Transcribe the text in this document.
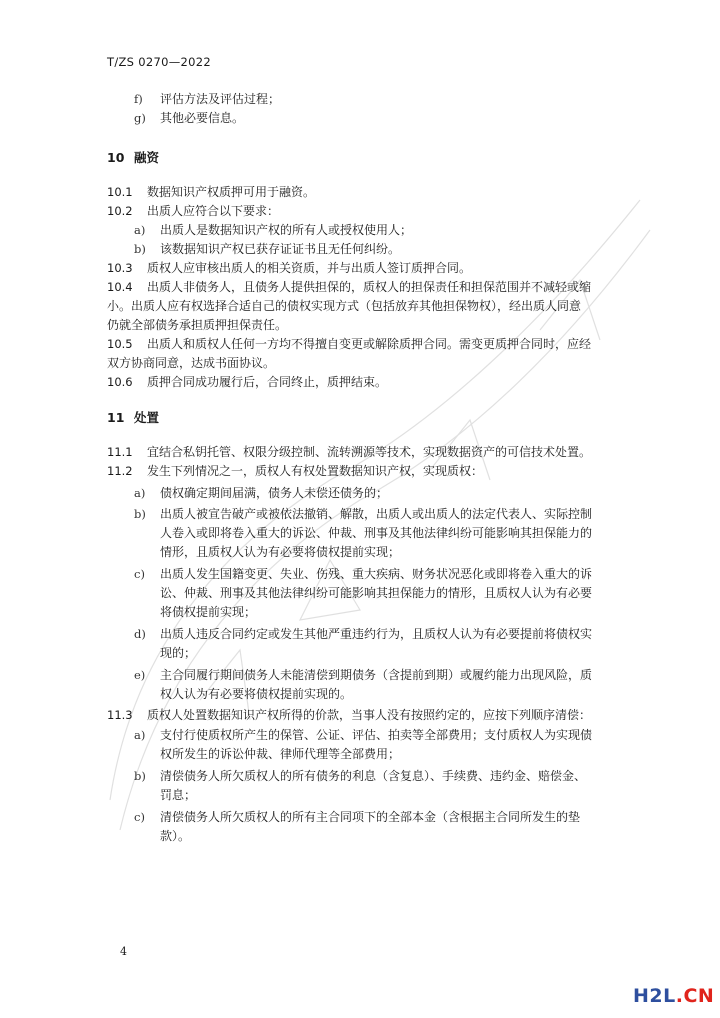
T/ZS 0270—2022
f) 评估方法及评估过程；
g) 其他必要信息。
10 融资
10.1 数据知识产权质押可用于融资。
10.2 出质人应符合以下要求：
a) 出质人是数据知识产权的所有人或授权使用人；
b) 该数据知识产权已获存证证书且无任何纠纷。
10.3 质权人应审核出质人的相关资质，并与出质人签订质押合同。
10.4 出质人非债务人，且债务人提供担保的，质权人的担保责任和担保范围并不减轻或缩
小。出质人应有权选择合适自己的债权实现方式（包括放弃其他担保物权），经出质人同意
仍就全部债务承担质押担保责任。
10.5 出质人和质权人任何一方均不得擅自变更或解除质押合同。需变更质押合同时，应经
双方协商同意，达成书面协议。
10.6 质押合同成功履行后，合同终止，质押结束。
11 处置
11.1 宜结合私钥托管、权限分级控制、流转溯源等技术，实现数据资产的可信技术处置。
11.2 发生下列情况之一，质权人有权处置数据知识产权，实现质权：
a) 债权确定期间届满，债务人未偿还债务的；
b) 出质人被宣告破产或被依法撤销、解散，出质人或出质人的法定代表人、实际控制
人卷入或即将卷入重大的诉讼、仲裁、刑事及其他法律纠纷可能影响其担保能力的
情形，且质权人认为有必要将债权提前实现；
c) 出质人发生国籍变更、失业、伤残、重大疾病、财务状况恶化或即将卷入重大的诉
讼、仲裁、刑事及其他法律纠纷可能影响其担保能力的情形，且质权人认为有必要
将债权提前实现；
d) 出质人违反合同约定或发生其他严重违约行为，且质权人认为有必要提前将债权实
现的；
e) 主合同履行期间债务人未能清偿到期债务（含提前到期）或履约能力出现风险，质
权人认为有必要将债权提前实现的。
11.3 质权人处置数据知识产权所得的价款，当事人没有按照约定的，应按下列顺序清偿：
a) 支付行使质权所产生的保管、公证、评估、拍卖等全部费用；支付质权人为实现债
权所发生的诉讼仲裁、律师代理等全部费用；
b) 清偿债务人所欠质权人的所有债务的利息（含复息）、手续费、违约金、赔偿金、
罚息；
c) 清偿债务人所欠质权人的所有主合同项下的全部本金（含根据主合同所发生的垫
款）。
4
H2L.CN
